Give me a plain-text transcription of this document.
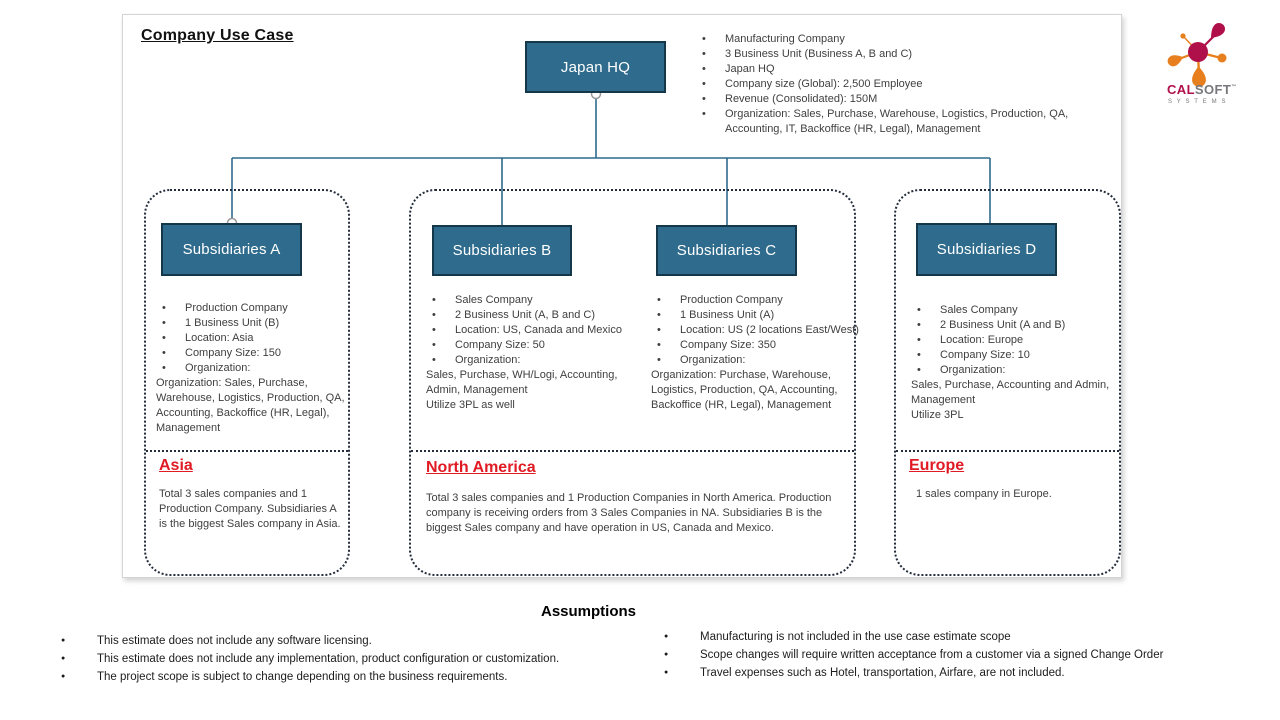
Company Use Case
Japan HQ
Subsidiaries A	Subsidiaries B	Subsidiaries C	Subsidiaries D
• Manufacturing Company
• 3 Business Unit (Business A, B and C)
• Japan HQ
• Company size (Global): 2,500 Employee
• Revenue (Consolidated): 150M
• Organization: Sales, Purchase, Warehouse, Logistics, Production, QA, Accounting, IT, Backoffice (HR, Legal), Management
• Production Company
• 1 Business Unit (B)
• Location: Asia
• Company Size: 150
• Organization:
Organization: Sales, Purchase, Warehouse, Logistics, Production, QA, Accounting, Backoffice (HR, Legal), Management
• Sales Company
• 2 Business Unit (A, B and C)
• Location: US, Canada and Mexico
• Company Size: 50
• Organization:
Sales, Purchase, WH/Logi, Accounting, Admin, Management
Utilize 3PL as well
• Production Company
• 1 Business Unit (A)
• Location: US (2 locations East/West)
• Company Size: 350
• Organization:
Organization: Purchase, Warehouse, Logistics, Production, QA, Accounting, Backoffice (HR, Legal), Management
• Sales Company
• 2 Business Unit (A and B)
• Location: Europe
• Company Size: 10
• Organization:
Sales, Purchase, Accounting and Admin, Management
Utilize 3PL
Asia
Total 3 sales companies and 1 Production Company. Subsidiaries A is the biggest Sales company in Asia.
North America
Total 3 sales companies and 1 Production Companies in North America. Production company is receiving orders from 3 Sales Companies in NA. Subsidiaries B is the biggest Sales company and have operation in US, Canada and Mexico.
Europe
1 sales company in Europe.
Assumptions
● This estimate does not include any software licensing.
● This estimate does not include any implementation, product configuration or customization.
● The project scope is subject to change depending on the business requirements.
● Manufacturing is not included in the use case estimate scope
● Scope changes will require written acceptance from a customer via a signed Change Order
● Travel expenses such as Hotel, transportation, Airfare, are not included.
CALSOFT™
S Y S T E M S
